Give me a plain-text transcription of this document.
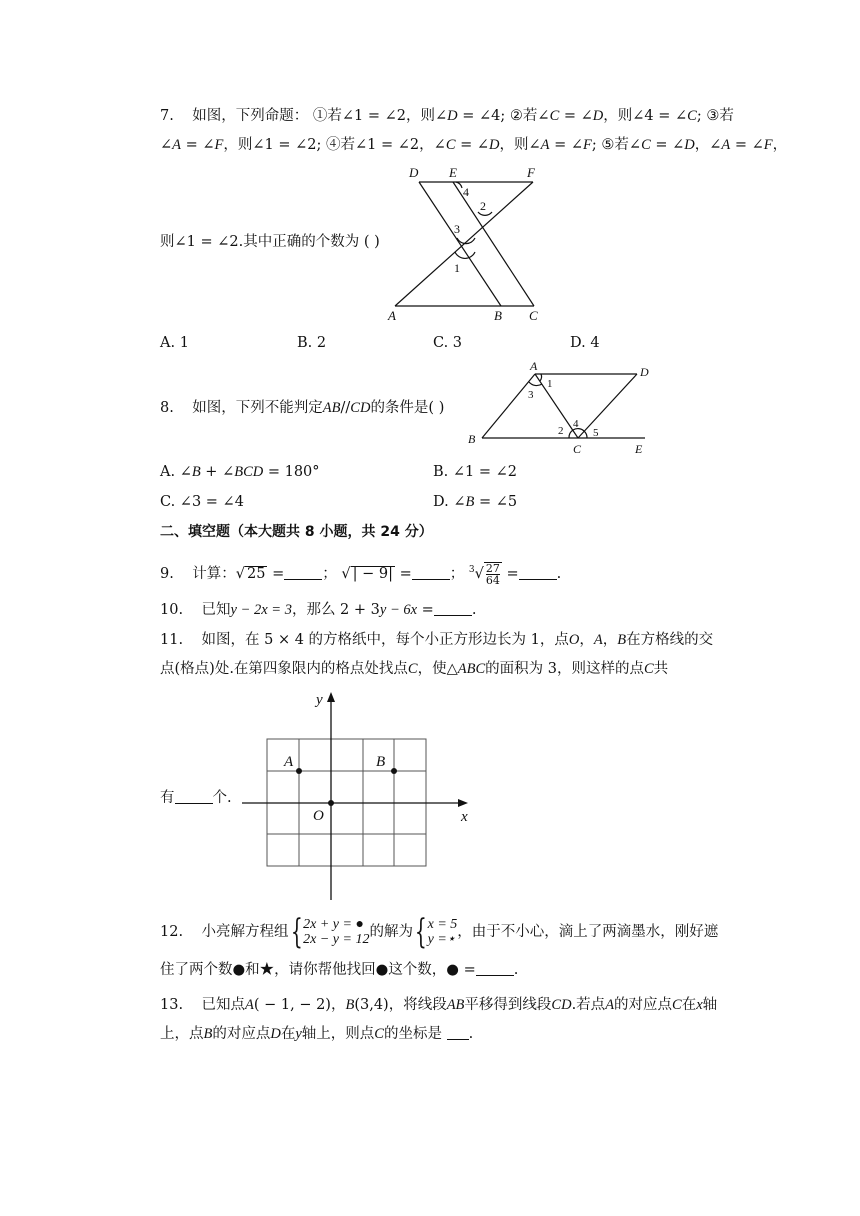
7. 如图，下列命题： ①若∠1 = ∠2，则∠D = ∠4; ②若∠C = ∠D，则∠4 = ∠C; ③若
∠A = ∠F，则∠1 = ∠2; ④若∠1 = ∠2，∠C = ∠D，则∠A = ∠F; ⑤若∠C = ∠D，∠A = ∠F，
D E	F
A	B C
4
2
3
1
则∠1 = ∠2.其中正确的个数为 ( )
A. 1	B. 2	C. 3	D. 4
8. 如图，下列不能判定AB//CD的条件是( )
A	D
B
C	E
1
3
2
4
5
A. ∠B + ∠BCD = 180°	B. ∠1 = ∠2
C. ∠3 = ∠4	D. ∠B = ∠5
二、填空题（本大题共 8 小题，共 24 分）
9. 计算：√ 25 =	； √ | − 9| =	； $^3√ \frac{27}{64}$ =	.
10. 已知y − 2x = 3，那么 2 + 3y − 6x =	.
11. 如图，在 5 × 4 的方格纸中，每个小正方形边长为 1，点O，A，B在方格线的交
点(格点)处.在第四象限内的格点处找点C，使△ABC的面积为 3，则这样的点C共
y
x
O
A	B
有	个.
12. 小亮解方程组{2x + y = ●
2x − y = 12的解为{x = 5
y =⋆ ，由于不小心，滴上了两滴墨水，刚好遮
住了两个数●和★，请你帮他找回●这个数，● =	.
13. 已知点A( − 1, − 2)，B(3,4)，将线段AB平移得到线段CD.若点A的对应点C在x轴
上，点B的对应点D在y轴上，则点C的坐标是 .
